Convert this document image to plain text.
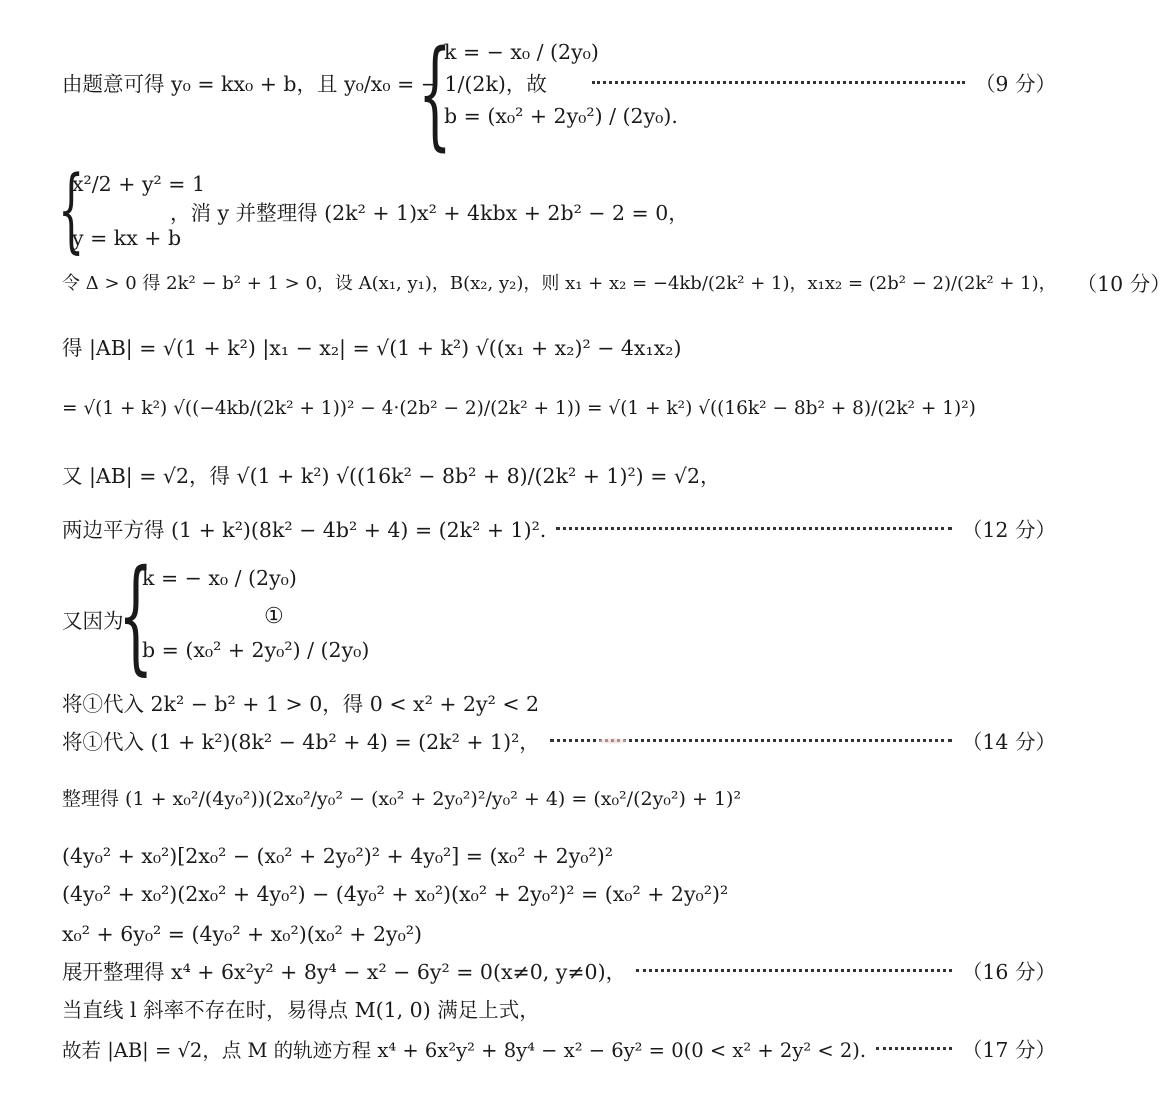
由题意可得 y₀ = kx₀ + b，且 y₀/x₀ = − 1/(2k)，故
{
k = − x₀ / (2y₀)
b = (x₀² + 2y₀²) / (2y₀).
（9 分）
{
x²/2 + y² = 1
y = kx + b
，消 y 并整理得 (2k² + 1)x² + 4kbx + 2b² − 2 = 0，
令 Δ > 0 得 2k² − b² + 1 > 0，设 A(x₁, y₁)，B(x₂, y₂)，则 x₁ + x₂ = −4kb/(2k² + 1)，x₁x₂ = (2b² − 2)/(2k² + 1)， （10 分）
得 |AB| = √(1 + k²) |x₁ − x₂| = √(1 + k²) √((x₁ + x₂)² − 4x₁x₂)
= √(1 + k²) √((−4kb/(2k² + 1))² − 4·(2b² − 2)/(2k² + 1)) = √(1 + k²) √((16k² − 8b² + 8)/(2k² + 1)²)
又 |AB| = √2，得 √(1 + k²) √((16k² − 8b² + 8)/(2k² + 1)²) = √2，
两边平方得 (1 + k²)(8k² − 4b² + 4) = (2k² + 1)².	（12 分）
又因为
{
k = − x₀ / (2y₀)
b = (x₀² + 2y₀²) / (2y₀)
①
将①代入 2k² − b² + 1 > 0，得 0 < x² + 2y² < 2
将①代入 (1 + k²)(8k² − 4b² + 4) = (2k² + 1)²，	（14 分）
整理得 (1 + x₀²/(4y₀²))(2x₀²/y₀² − (x₀² + 2y₀²)²/y₀² + 4) = (x₀²/(2y₀²) + 1)²
(4y₀² + x₀²)[2x₀² − (x₀² + 2y₀²)² + 4y₀²] = (x₀² + 2y₀²)²
(4y₀² + x₀²)(2x₀² + 4y₀²) − (4y₀² + x₀²)(x₀² + 2y₀²)² = (x₀² + 2y₀²)²
x₀² + 6y₀² = (4y₀² + x₀²)(x₀² + 2y₀²)
展开整理得 x⁴ + 6x²y² + 8y⁴ − x² − 6y² = 0(x≠0, y≠0)，	（16 分）
当直线 l 斜率不存在时，易得点 M(1, 0) 满足上式，
故若 |AB| = √2，点 M 的轨迹方程 x⁴ + 6x²y² + 8y⁴ − x² − 6y² = 0(0 < x² + 2y² < 2).	（17 分）
